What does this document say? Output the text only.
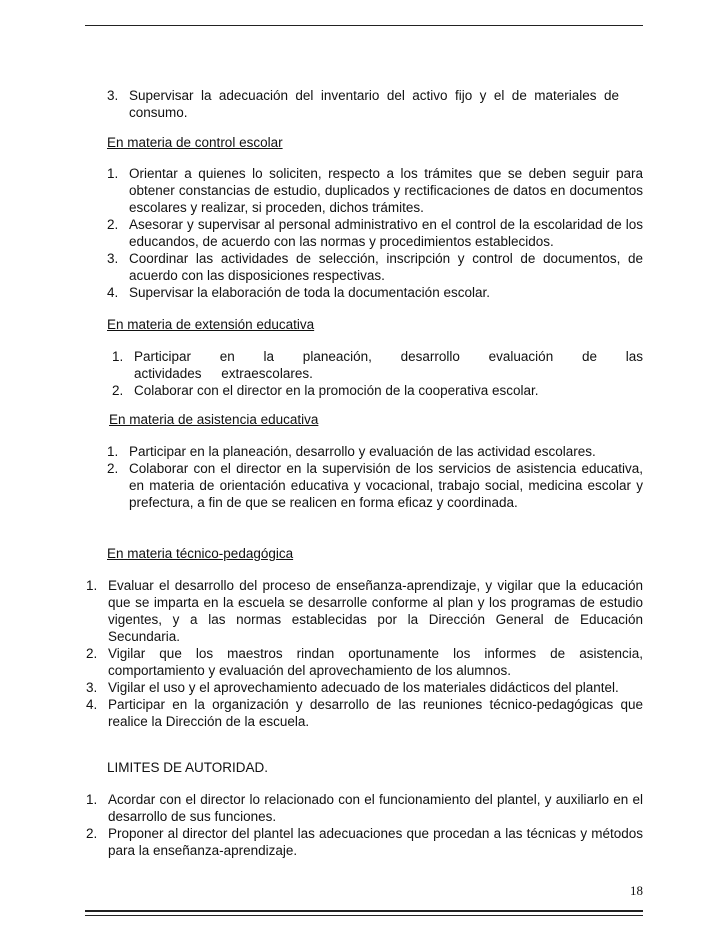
3. Supervisar la adecuación del inventario del activo fijo y el de materiales de consumo.
En materia de control escolar
1. Orientar a quienes lo soliciten, respecto a los trámites que se deben seguir para obtener constancias de estudio, duplicados y rectificaciones de datos en documentos escolares y realizar, si proceden, dichos trámites.
2. Asesorar y supervisar al personal administrativo en el control de la escolaridad de los educandos, de acuerdo con las normas y procedimientos establecidos.
3. Coordinar las actividades de selección, inscripción y control de documentos, de acuerdo con las disposiciones respectivas.
4. Supervisar la elaboración de toda la documentación escolar.
En materia de extensión educativa
1. Participar en la planeación, desarrollo evaluación de las actividades extraescolares.
2. Colaborar con el director en la promoción de la cooperativa escolar.
En materia de asistencia educativa
1. Participar en la planeación, desarrollo y evaluación de las actividad escolares.
2. Colaborar con el director en la supervisión de los servicios de asistencia educativa, en materia de orientación educativa y vocacional, trabajo social, medicina escolar y prefectura, a fin de que se realicen en forma eficaz y coordinada.
En materia técnico-pedagógica
1. Evaluar el desarrollo del proceso de enseñanza-aprendizaje, y vigilar que la educación que se imparta en la escuela se desarrolle conforme al plan y los programas de estudio vigentes, y a las normas establecidas por la Dirección General de Educación Secundaria.
2. Vigilar que los maestros rindan oportunamente los informes de asistencia, comportamiento y evaluación del aprovechamiento de los alumnos.
3. Vigilar el uso y el aprovechamiento adecuado de los materiales didácticos del plantel.
4. Participar en la organización y desarrollo de las reuniones técnico-pedagógicas que realice la Dirección de la escuela.
LIMITES DE AUTORIDAD.
1. Acordar con el director lo relacionado con el funcionamiento del plantel, y auxiliarlo en el desarrollo de sus funciones.
2. Proponer al director del plantel las adecuaciones que procedan a las técnicas y métodos para la enseñanza-aprendizaje.
18
